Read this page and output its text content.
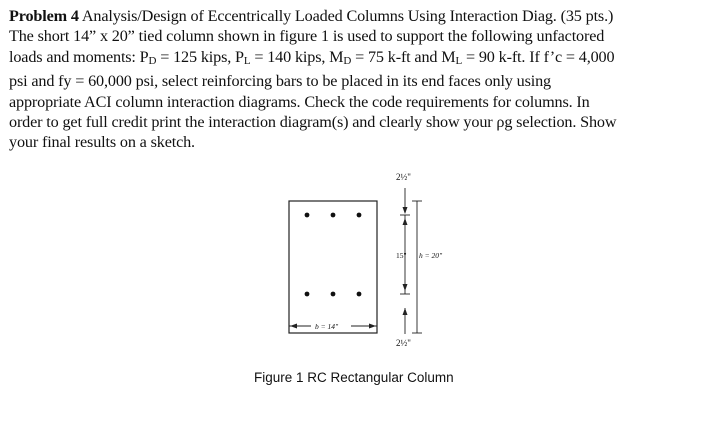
Problem 4 Analysis/Design of Eccentrically Loaded Columns Using Interaction Diag. (35 pts.)
The short 14” x 20” tied column shown in figure 1 is used to support the following unfactored
loads and moments: PD = 125 kips, PL = 140 kips, MD = 75 k-ft and ML = 90 k-ft. If f’c = 4,000
psi and fy = 60,000 psi, select reinforcing bars to be placed in its end faces only using
appropriate ACI column interaction diagrams. Check the code requirements for columns. In
order to get full credit print the interaction diagram(s) and clearly show your ρg selection. Show
your final results on a sketch.
2½"
2½"
15" h = 20"
b = 14"
Figure 1 RC Rectangular Column
